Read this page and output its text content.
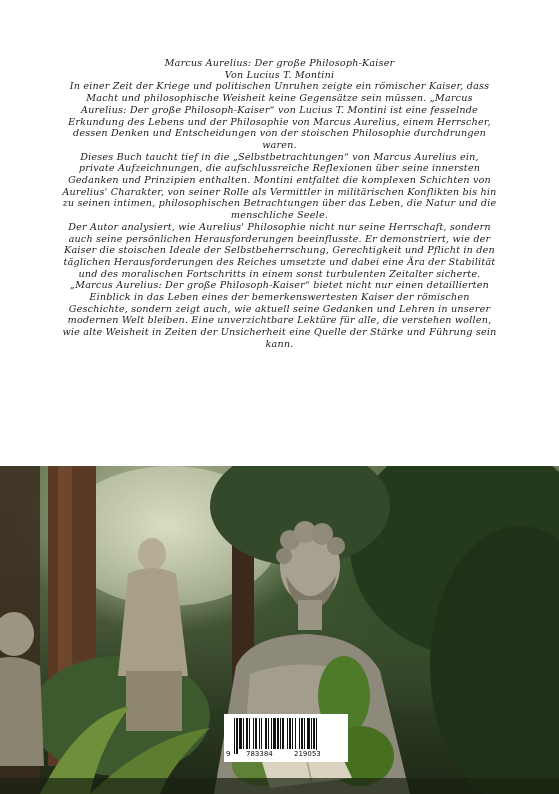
Marcus Aurelius: Der große Philosoph-Kaiser

Von Lucius T. Montini

In einer Zeit der Kriege und politischen Unruhen zeigte ein römischer Kaiser, dass Macht und philosophische Weisheit keine Gegensätze sein müssen. „Marcus Aurelius: Der große Philosoph-Kaiser“ von Lucius T. Montini ist eine fesselnde Erkundung des Lebens und der Philosophie von Marcus Aurelius, einem Herrscher, dessen Denken und Entscheidungen von der stoischen Philosophie durchdrungen waren.

Dieses Buch taucht tief in die „Selbstbetrachtungen“ von Marcus Aurelius ein, private Aufzeichnungen, die aufschlussreiche Reflexionen über seine innersten Gedanken und Prinzipien enthalten. Montini entfaltet die komplexen Schichten von Aurelius' Charakter, von seiner Rolle als Vermittler in militärischen Konflikten bis hin zu seinen intimen, philosophischen Betrachtungen über das Leben, die Natur und die menschliche Seele.

Der Autor analysiert, wie Aurelius' Philosophie nicht nur seine Herrschaft, sondern auch seine persönlichen Herausforderungen beeinflusste. Er demonstriert, wie der Kaiser die stoischen Ideale der Selbstbeherrschung, Gerechtigkeit und Pflicht in den täglichen Herausforderungen des Reiches umsetzte und dabei eine Ära der Stabilität und des moralischen Fortschritts in einem sonst turbulenten Zeitalter sicherte.

„Marcus Aurelius: Der große Philosoph-Kaiser“ bietet nicht nur einen detaillierten Einblick in das Leben eines der bemerkenswertesten Kaiser der römischen Geschichte, sondern zeigt auch, wie aktuell seine Gedanken und Lehren in unserer modernen Welt bleiben. Eine unverzichtbare Lektüre für alle, die verstehen wollen, wie alte Weisheit in Zeiten der Unsicherheit eine Quelle der Stärke und Führung sein kann.

9 783384	219053
